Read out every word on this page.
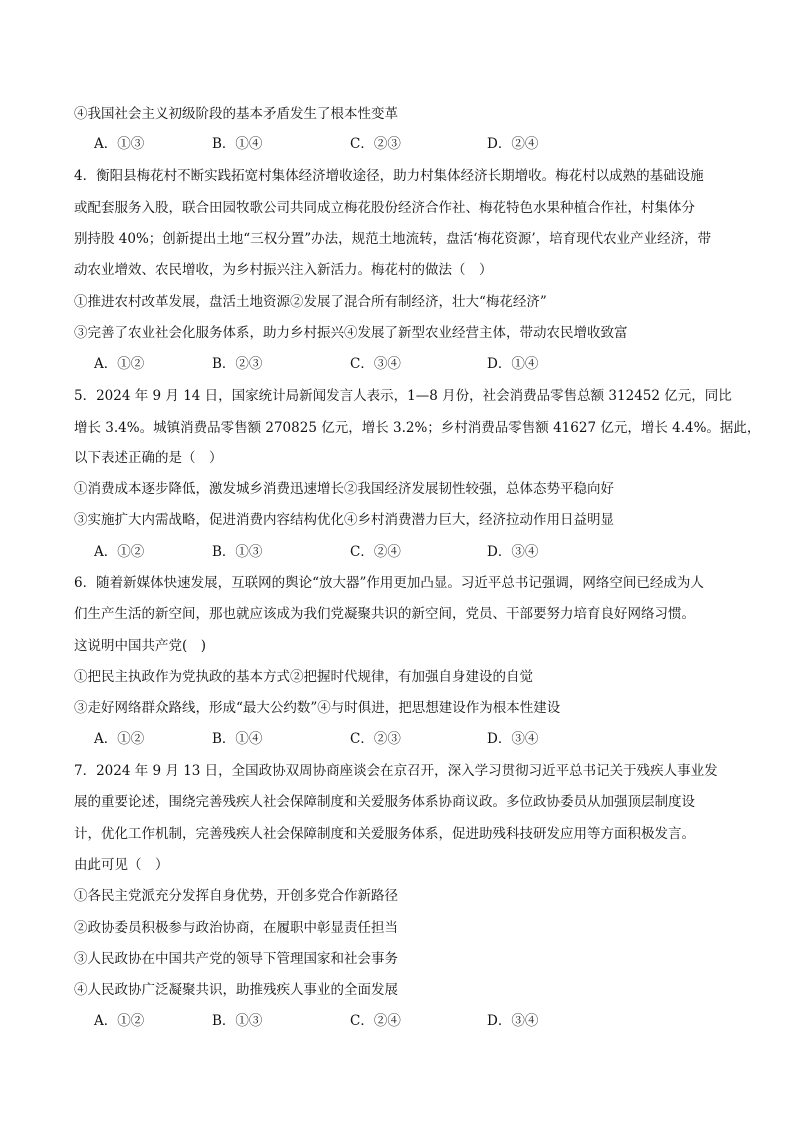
④我国社会主义初级阶段的基本矛盾发生了根本性变革
A．①③	B．①④	C．②③	D．②④
4．衡阳县梅花村不断实践拓宽村集体经济增收途径，助力村集体经济长期增收。梅花村以成熟的基础设施
或配套服务入股，联合田园牧歌公司共同成立梅花股份经济合作社、梅花特色水果种植合作社，村集体分
别持股 40%；创新提出土地“三权分置”办法，规范土地流转，盘活‘梅花资源’，培育现代农业产业经济，带
动农业增效、农民增收，为乡村振兴注入新活力。梅花村的做法（　）
①推进农村改革发展，盘活土地资源②发展了混合所有制经济，壮大“梅花经济”
③完善了农业社会化服务体系，助力乡村振兴④发展了新型农业经营主体，带动农民增收致富
A．①②	B．②③	C．③④	D．①④
5．2024 年 9 月 14 日，国家统计局新闻发言人表示，1—8 月份，社会消费品零售总额 312452 亿元，同比
增长 3.4%。城镇消费品零售额 270825 亿元，增长 3.2%；乡村消费品零售额 41627 亿元，增长 4.4%。据此，
以下表述正确的是（　）
①消费成本逐步降低，激发城乡消费迅速增长②我国经济发展韧性较强，总体态势平稳向好
③实施扩大内需战略，促进消费内容结构优化④乡村消费潜力巨大，经济拉动作用日益明显
A．①②	B．①③	C．②④	D．③④
6．随着新媒体快速发展，互联网的舆论“放大器”作用更加凸显。习近平总书记强调，网络空间已经成为人
们生产生活的新空间，那也就应该成为我们党凝聚共识的新空间，党员、干部要努力培育良好网络习惯。
这说明中国共产党(　)
①把民主执政作为党执政的基本方式②把握时代规律，有加强自身建设的自觉
③走好网络群众路线，形成“最大公约数”④与时俱进，把思想建设作为根本性建设
A．①②	B．①④	C．②③	D．③④
7．2024 年 9 月 13 日，全国政协双周协商座谈会在京召开，深入学习贯彻习近平总书记关于残疾人事业发
展的重要论述，围绕完善残疾人社会保障制度和关爱服务体系协商议政。多位政协委员从加强顶层制度设
计，优化工作机制，完善残疾人社会保障制度和关爱服务体系，促进助残科技研发应用等方面积极发言。
由此可见（　）
①各民主党派充分发挥自身优势，开创多党合作新路径
②政协委员积极参与政治协商，在履职中彰显责任担当
③人民政协在中国共产党的领导下管理国家和社会事务
④人民政协广泛凝聚共识，助推残疾人事业的全面发展
A．①②	B．①③	C．②④	D．③④
